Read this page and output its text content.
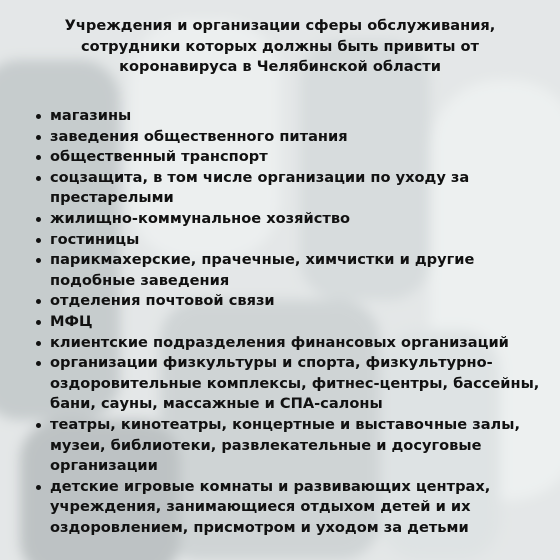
Учреждения и организации сферы обслуживания, сотрудники которых должны быть привиты от коронавируса в Челябинской области
магазины
заведения общественного питания
общественный транспорт
соцзащита, в том числе организации по уходу за престарелыми
жилищно-коммунальное хозяйство
гостиницы
парикмахерские, прачечные, химчистки и другие подобные заведения
отделения почтовой связи
МФЦ
клиентские подразделения финансовых организаций
организации физкультуры и спорта, физкультурно-оздоровительные комплексы, фитнес-центры, бассейны, бани, сауны, массажные и СПА-салоны
театры, кинотеатры, концертные и выставочные залы, музеи, библиотеки, развлекательные и досуговые организации
детские игровые комнаты и развивающих центрах, учреждения, занимающиеся отдыхом детей и их оздоровлением, присмотром и уходом за детьми
